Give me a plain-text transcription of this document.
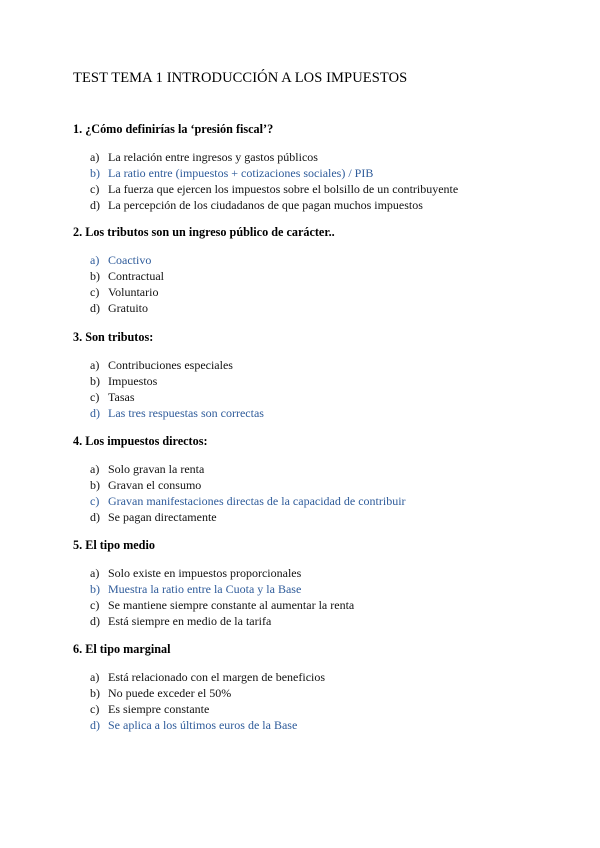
TEST TEMA 1 INTRODUCCIÓN A LOS IMPUESTOS
1. ¿Cómo definirías la ‘presión fiscal’?
a) La relación entre ingresos y gastos públicos
b) La ratio entre (impuestos + cotizaciones sociales) / PIB
c) La fuerza que ejercen los impuestos sobre el bolsillo de un contribuyente
d) La percepción de los ciudadanos de que pagan muchos impuestos
2. Los tributos son un ingreso público de carácter..
a) Coactivo
b) Contractual
c) Voluntario
d) Gratuito
3. Son tributos:
a) Contribuciones especiales
b) Impuestos
c) Tasas
d) Las tres respuestas son correctas
4. Los impuestos directos:
a) Solo gravan la renta
b) Gravan el consumo
c) Gravan manifestaciones directas de la capacidad de contribuir
d) Se pagan directamente
5. El tipo medio
a) Solo existe en impuestos proporcionales
b) Muestra la ratio entre la Cuota y la Base
c) Se mantiene siempre constante al aumentar la renta
d) Está siempre en medio de la tarifa
6. El tipo marginal
a) Está relacionado con el margen de beneficios
b) No puede exceder el 50%
c) Es siempre constante
d) Se aplica a los últimos euros de la Base
